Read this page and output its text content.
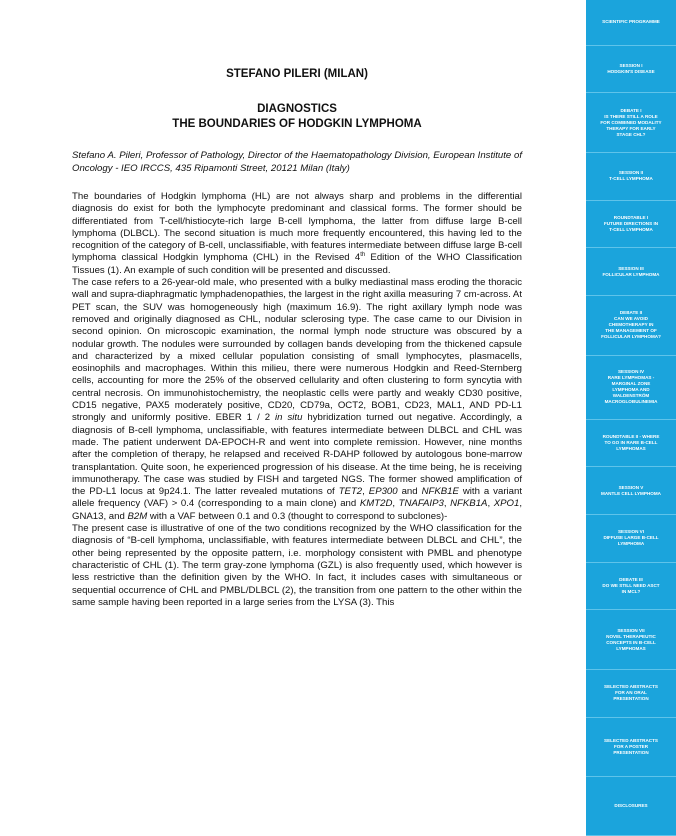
STEFANO PILERI (MILAN)
DIAGNOSTICS
THE BOUNDARIES OF HODGKIN LYMPHOMA

Stefano A. Pileri, Professor of Pathology, Director of the Haematopathology Division, European Institute of Oncology - IEO IRCCS, 435 Ripamonti Street, 20121 Milan (Italy)

The boundaries of Hodgkin lymphoma (HL) are not always sharp and problems in the differential diagnosis do exist for both the lymphocyte predominant and classical forms. The former should be differentiated from T-cell/histiocyte-rich large B-cell lymphoma, the latter from diffuse large B-cell lymphoma (DLBCL). The second situation is much more frequently encountered, this having led to the recognition of the category of B-cell, unclassifiable, with features intermediate between diffuse large B-cell lymphoma classical Hodgkin lymphoma (CHL) in the Revised 4th Edition of the WHO Classification Tissues (1). An example of such condition will be presented and discussed.

The case refers to a 26-year-old male, who presented with a bulky mediastinal mass eroding the thoracic wall and supra-diaphragmatic lymphadenopathies, the largest in the right axilla measuring 7 cm-across. At PET scan, the SUV was homogeneously high (maximum 16.9). The right axillary lymph node was removed and originally diagnosed as CHL, nodular sclerosing type. The case came to our Division in second opinion. On microscopic examination, the normal lymph node structure was obscured by a nodular growth. The nodules were surrounded by collagen bands developing from the thickened capsule and characterized by a mixed cellular population consisting of small lymphocytes, plasmacells, eosinophils and macrophages. Within this milieu, there were numerous Hodgkin and Reed-Sternberg cells, accounting for more the 25% of the observed cellularity and often clustering to form syncytia with central necrosis. On immunohistochemistry, the neoplastic cells were partly and weakly CD30 positive, CD15 negative, PAX5 moderately positive, CD20, CD79a, OCT2, BOB1, CD23, MAL1, AND PD-L1 strongly and uniformly positive. EBER 1 / 2 in situ hybridization turned out negative. Accordingly, a diagnosis of B-cell lymphoma, unclassifiable, with features intermediate between DLBCL and CHL was made. The patient underwent DA-EPOCH-R and went into complete remission. However, nine months after the completion of therapy, he relapsed and received R-DAHP followed by autologous bone-marrow transplantation. Quite soon, he experienced progression of his disease. At the time being, he is receiving immunotherapy. The case was studied by FISH and targeted NGS. The former showed amplification of the PD-L1 locus at 9p24.1. The latter revealed mutations of TET2, EP300 and NFKB1E with a variant allele frequency (VAF) > 0.4 (corresponding to a main clone) and KMT2D, TNAFAIP3, NFKB1A, XPO1, GNA13, and B2M with a VAF between 0.1 and 0.3 (thought to correspond to subclones)-

The present case is illustrative of one of the two conditions recognized by the WHO classification for the diagnosis of “B-cell lymphoma, unclassifiable, with features intermediate between DLBCL and CHL”, the other being represented by the opposite pattern, i.e. morphology consistent with PMBL and phenotype characteristic of CHL (1). The term gray-zone lymphoma (GZL) is also frequently used, which however is less restrictive than the definition given by the WHO. In fact, it includes cases with simultaneous or sequential occurrence of CHL and PMBL/DLBCL (2), the transition from one pattern to the other within the same sample having been reported in a large series from the LYSA (3). This

SCIENTIFIC PROGRAMME
SESSION I
HODGKIN'S DISEASE
DEBATE I
IS THERE STILL A ROLE
FOR COMBINED MODALITY
THERAPY FOR EARLY
STAGE CHL?
SESSION II
T-CELL LYMPHOMA
ROUNDTABLE I
FUTURE DIRECTIONS IN
T-CELL LYMPHOMA
SESSION III
FOLLICULAR LYMPHOMA
DEBATE II
CAN WE AVOID
CHEMOTHERAPY IN
THE MANAGEMENT OF
FOLLICULAR LYMPHOMA?
SESSION IV
RARE LYMPHOMAS -
MARGINAL ZONE
LYMPHOMA AND
WALDENSTRÖM
MACROGLOBULINEMIA
ROUNDTABLE II - WHERE
TO GO IN RARE B-CELL
LYMPHOMAS
SESSION V
MANTLE CELL LYMPHOMA
SESSION VI
DIFFUSE LARGE B-CELL
LYMPHOMA
DEBATE III
DO WE STILL NEED ASCT
IN MCL?
SESSION VII
NOVEL THERAPEUTIC
CONCEPTS IN B-CELL
LYMPHOMAS
SELECTED ABSTRACTS
FOR AN ORAL
PRESENTATION
SELECTED ABSTRACTS
FOR A POSTER
PRESENTATION
DISCLOSURES
